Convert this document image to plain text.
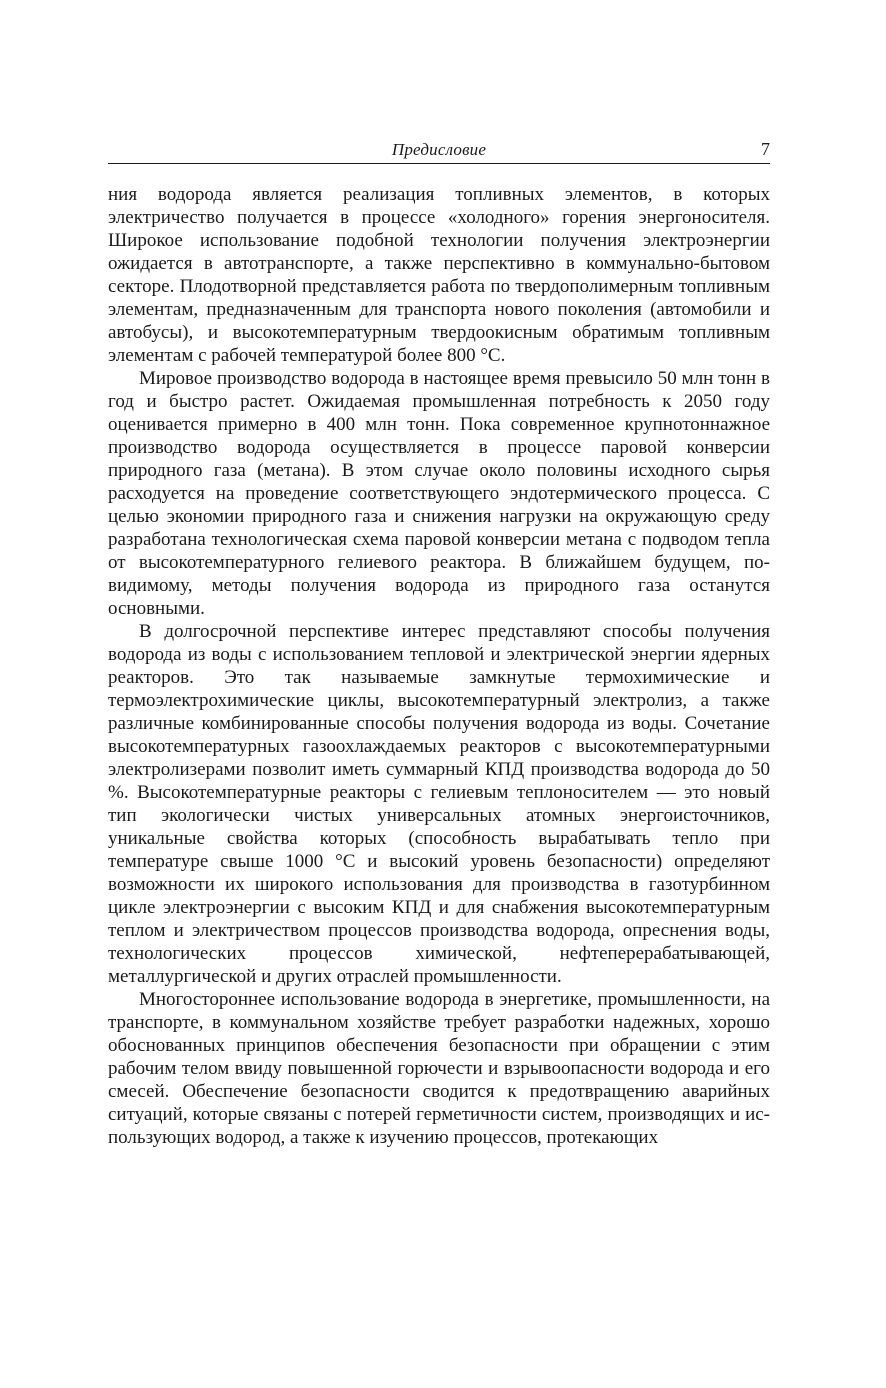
Предисловие	7

ния водорода является реализация топливных элементов, в которых электричество получается в процессе «холодного» горения энергоносителя. Широкое использование подобной технологии получения электроэнергии ожидается в автотранспорте, а также перспективно в коммунально-бытовом секторе. Плодотворной представляется работа по твердополимерным топливным элементам, предназначенным для транспорта нового поколения (автомобили и автобусы), и высокотемпературным твердоокисным обратимым топливным элементам с рабочей температурой более 800 °C.

Мировое производство водорода в настоящее время превысило 50 млн тонн в год и быстро растет. Ожидаемая промышленная потребность к 2050 году оценивается примерно в 400 млн тонн. Пока современное крупнотоннажное производство водорода осуществляется в процессе паровой конверсии природного газа (метана). В этом случае около половины исходного сырья расходуется на проведение соответствующего эндотермического процесса. С целью экономии природного газа и снижения нагрузки на окружающую среду разработана технологическая схема паровой конверсии метана с подводом тепла от высокотемпературного гелиевого реактора. В ближайшем будущем, по-видимому, методы получения водорода из природного газа останутся основными.

В долгосрочной перспективе интерес представляют способы получения водорода из воды с использованием тепловой и электрической энергии ядерных реакторов. Это так называемые замкнутые термохимические и термоэлектрохимические циклы, высокотемпературный электролиз, а также различные комбинированные способы получения водорода из воды. Сочетание высокотемпературных газоохлаждаемых реакторов с высокотемпературными электролизерами позволит иметь суммарный КПД производства водорода до 50 %. Высокотемпературные реакторы с гелиевым теплоносителем — это новый тип экологически чистых универсальных атомных энергоисточников, уникальные свойства которых (способность вырабатывать тепло при температуре свыше 1000 °C и высокий уровень безопасности) определяют возможности их широкого использования для производства в газотурбинном цикле электроэнергии с высоким КПД и для снабжения высокотемпературным теплом и электричеством процессов производства водорода, опреснения воды, технологических процессов химической, нефтеперерабатывающей, металлургической и других отраслей промышленности.

Многостороннее использование водорода в энергетике, промышленности, на транспорте, в коммунальном хозяйстве требует разработки надежных, хорошо обоснованных принципов обеспечения безопасности при обращении с этим рабочим телом ввиду повышенной горючести и взрывоопасности водорода и его смесей. Обеспечение безопасности сводится к предотвращению аварийных ситуаций, которые связаны с потерей герметичности систем, производящих и использующих водород, а также к изучению процессов, протекающих
